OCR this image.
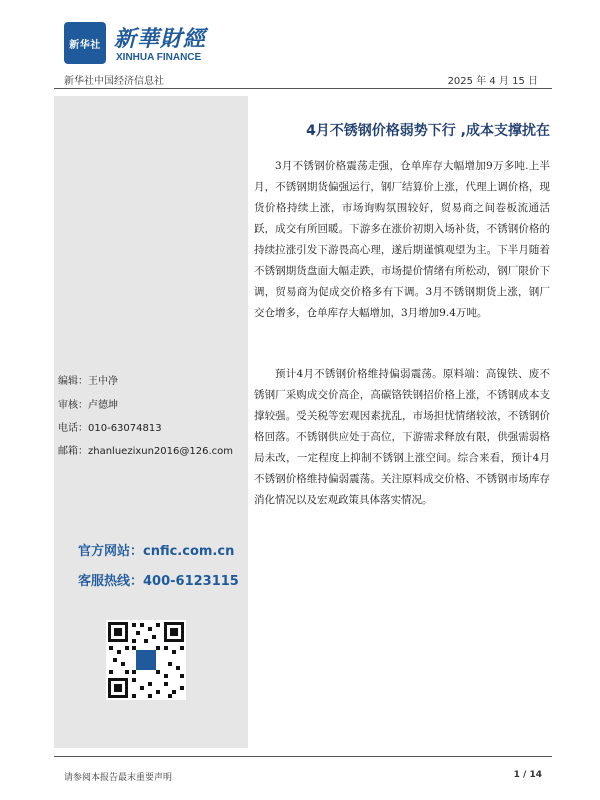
新华社 新華財經
XINHUA FINANCE
新华社中国经济信息社	2025 年 4 月 15 日
编辑：王中净
审核：卢德坤
电话：010-63074813
邮箱：zhanluezixun2016@126.com
官方网站：cnfic.com.cn
客服热线：400-6123115
4月不锈钢价格弱势下行 ,成本支撑扰在

3月不锈钢价格震荡走强，仓单库存大幅增加9万多吨.上半月，不锈钢期货偏强运行，钢厂结算价上涨，代理上调价格，现货价格持续上涨，市场询购氛围较好，贸易商之间卷板流通活跃，成交有所回暖。下游多在涨价初期入场补货，不锈钢价格的持续拉涨引发下游畏高心理，遂后期谨慎观望为主。下半月随着不锈钢期货盘面大幅走跌，市场提价情绪有所松动，钢厂限价下调，贸易商为促成交价格多有下调。3月不锈钢期货上涨，钢厂交仓增多，仓单库存大幅增加，3月增加9.4万吨。

预计4月不锈钢价格维持偏弱震荡。原料端：高镍铁、废不锈钢厂采购成交价高企，高碳铬铁钢招价格上涨，不锈钢成本支撑较强。受关税等宏观因素扰乱，市场担忧情绪较浓，不锈钢价格回落。不锈钢供应处于高位，下游需求释放有限，供强需弱格局未改，一定程度上抑制不锈钢上涨空间。综合来看，预计4月不锈钢价格维持偏弱震荡。关注原料成交价格、不锈钢市场库存消化情况以及宏观政策具体落实情况。

请参阅本报告最末重要声明	1 / 14
